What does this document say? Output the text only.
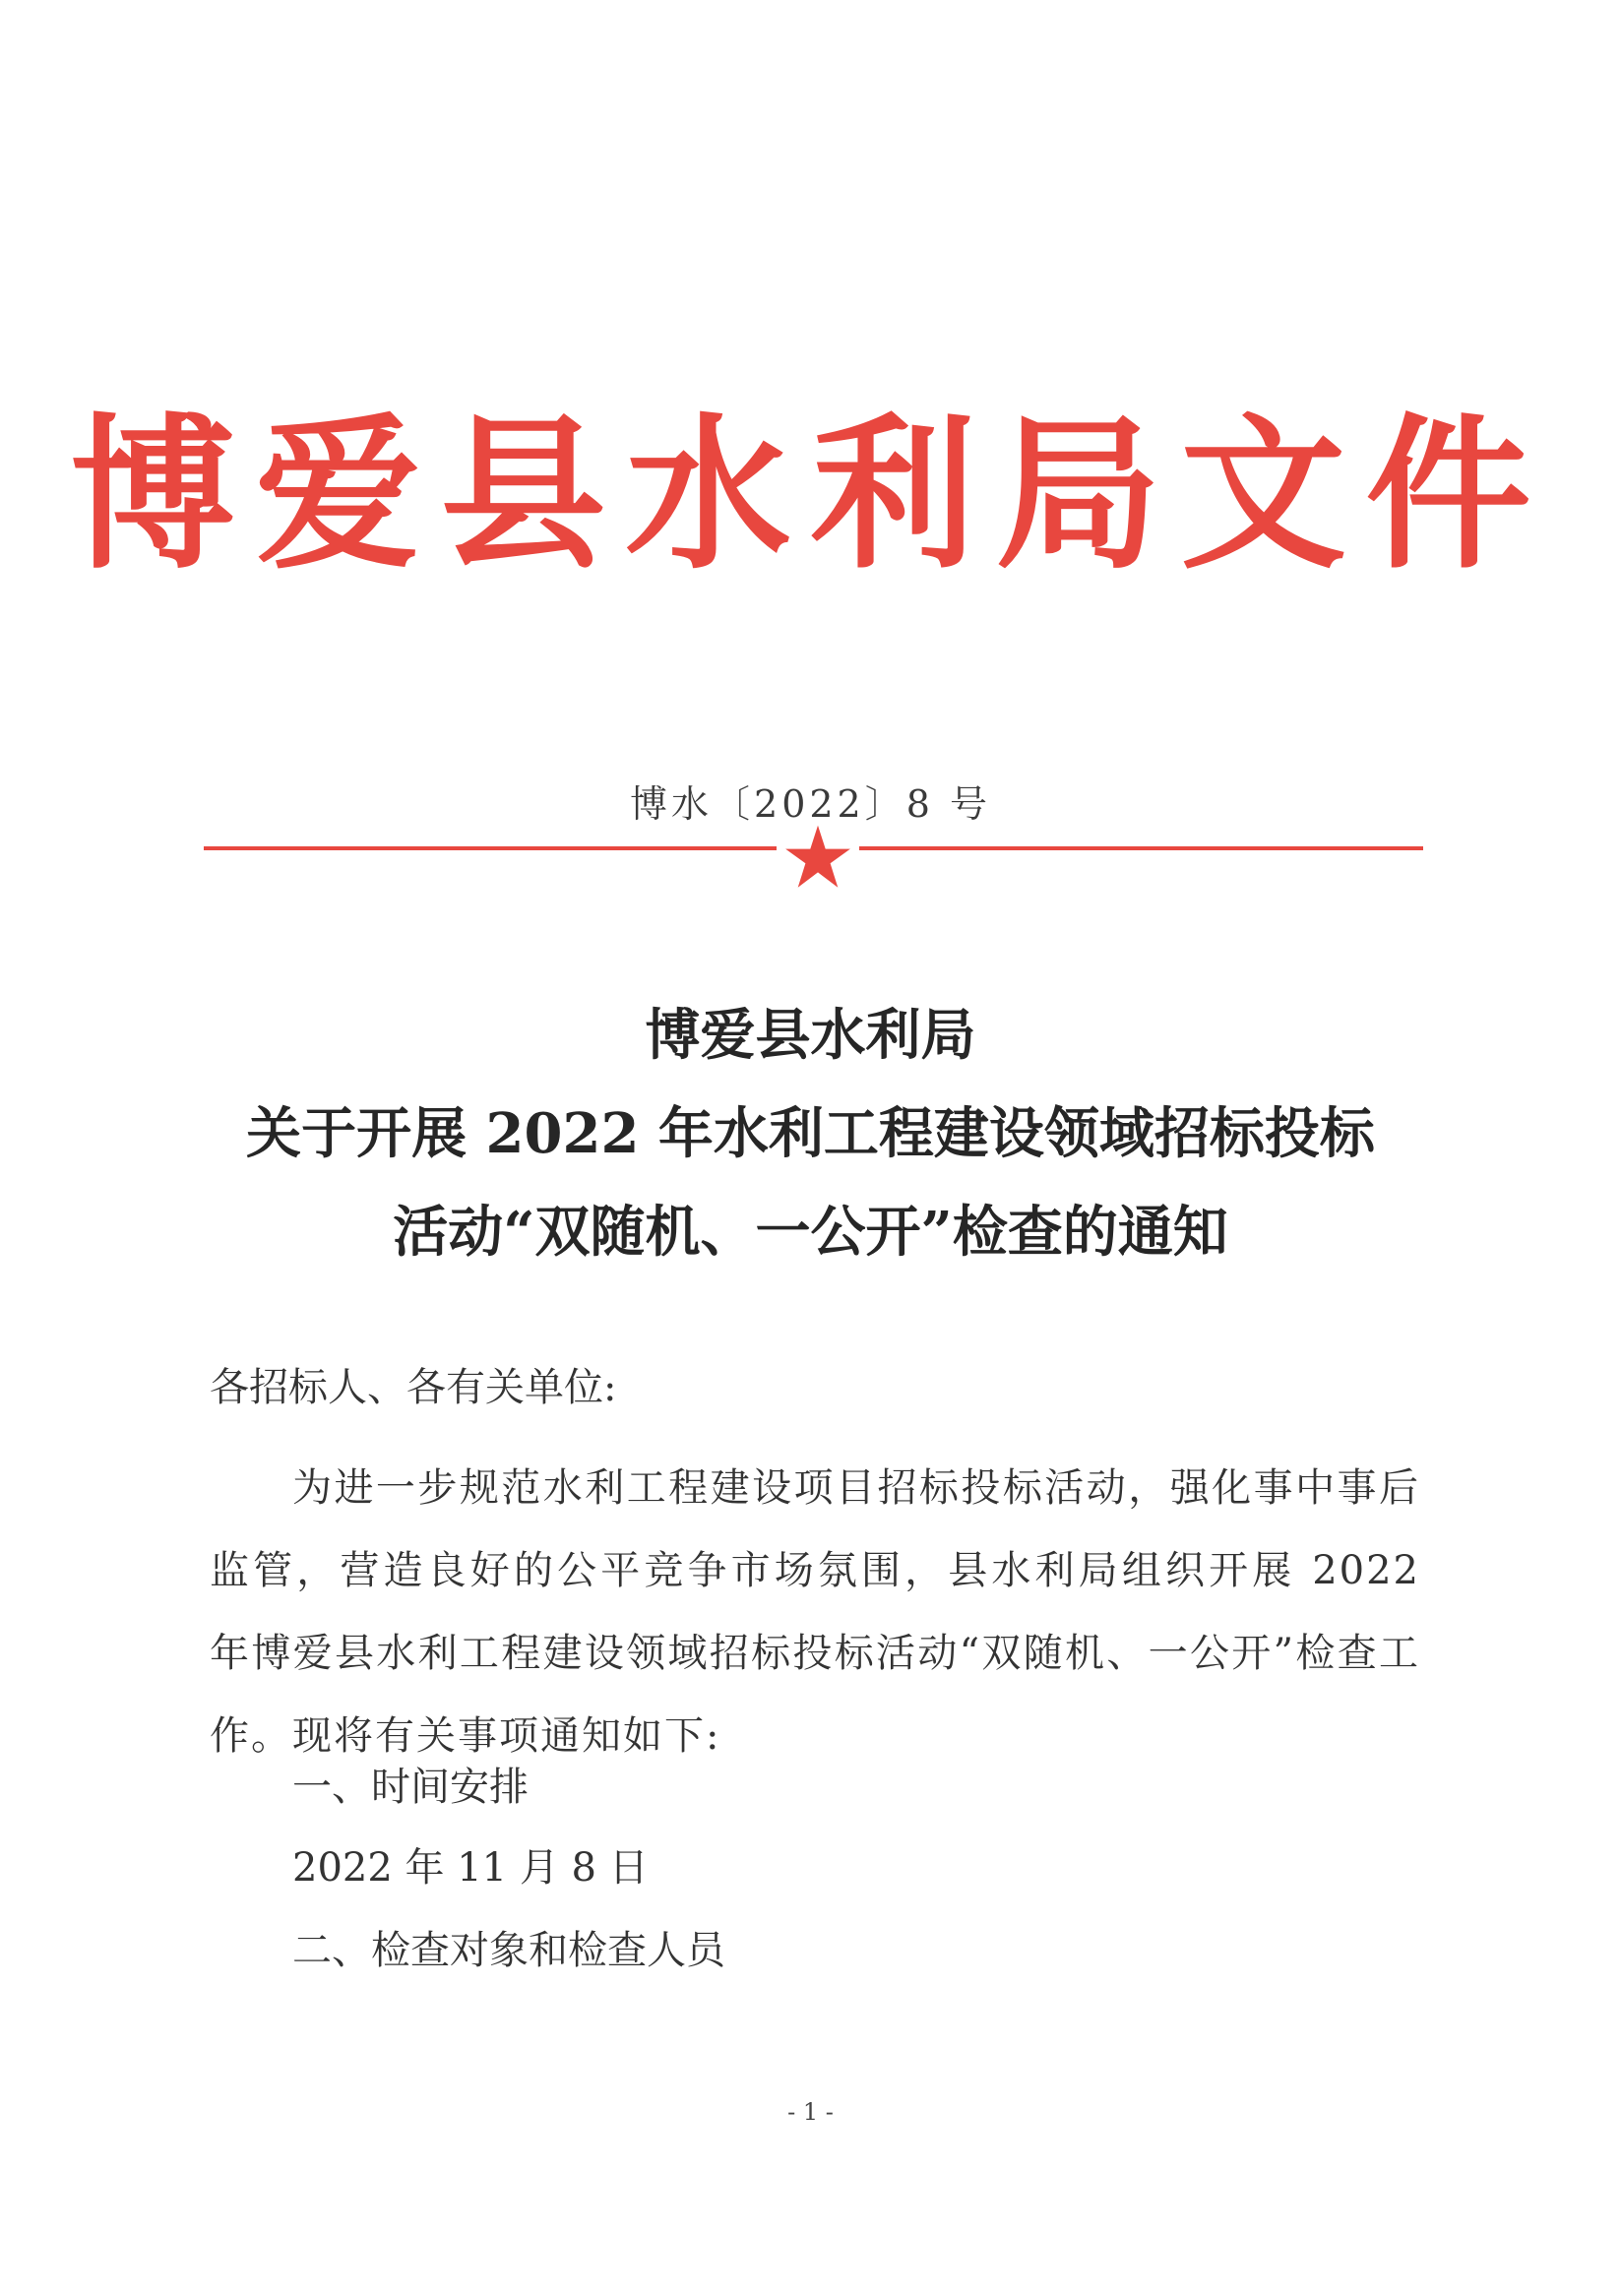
博爱县水利局文件
博水〔2022〕8 号
博爱县水利局
关于开展 2022 年水利工程建设领域招标投标
活动“双随机、一公开”检查的通知
各招标人、各有关单位:
为进一步规范水利工程建设项目招标投标活动，强化事中事后监管，营造良好的公平竞争市场氛围，县水利局组织开展 2022 年博爱县水利工程建设领域招标投标活动“双随机、一公开”检查工作。现将有关事项通知如下:
一、时间安排
2022 年 11 月 8 日
二、检查对象和检查人员
- 1 -
